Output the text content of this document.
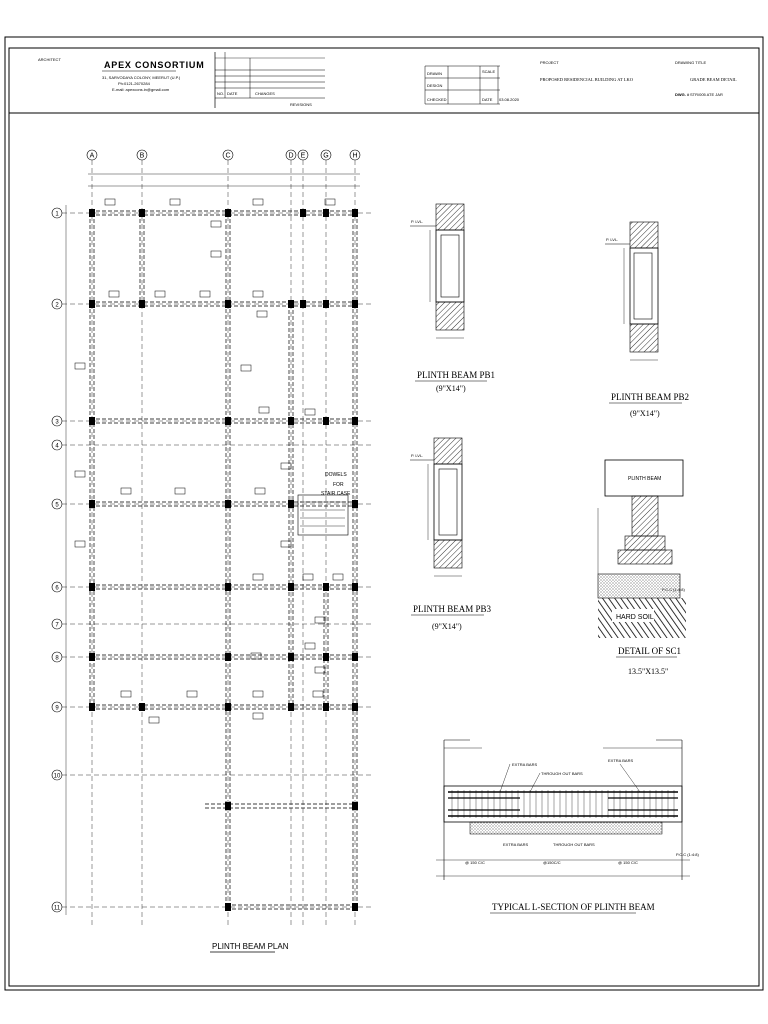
ARCHITECT
APEX CONSORTIUM
31, SARVODAYA COLONY, MEERUT (U.P.)
Ph:0121-2670284
E-mail: apexcons.in@gmail.com
NO. DATE	CHANGES
REVISIONS
DRAWN
DESIGN
CHECKED
SCALE
DATE 03.08.2020
PROJECT
PROPOSED RESIDENCIAL BUILDING AT LKO
DRAWING TITLE
GRADE BEAM DETAIL
DWG. # STR/005 ATE JAR
A	B	C	D E	G	H
1
2
3
4
5
6
7
8
9
10
11
DOWELS
FOR
STAIR CASE
PLINTH BEAM PLAN
P. LVL.
PLINTH BEAM PB1
(9"X14")
P. LVL.
PLINTH BEAM PB2
(9"X14")
P. LVL.
PLINTH BEAM PB3
(9"X14")
PLINTH BEAM
HARD SOIL
P.C.C (1:4:8)
DETAIL OF SC1
13.5"X13.5"
EXTRA BARS
EXTRA BARS
THROUGH OUT BARS
EXTRA BARS	THROUGH OUT BARS
@ 150 C/C	@150C/C	@ 150 C/C
P.C.C (1:4:8)
TYPICAL L-SECTION OF PLINTH BEAM
